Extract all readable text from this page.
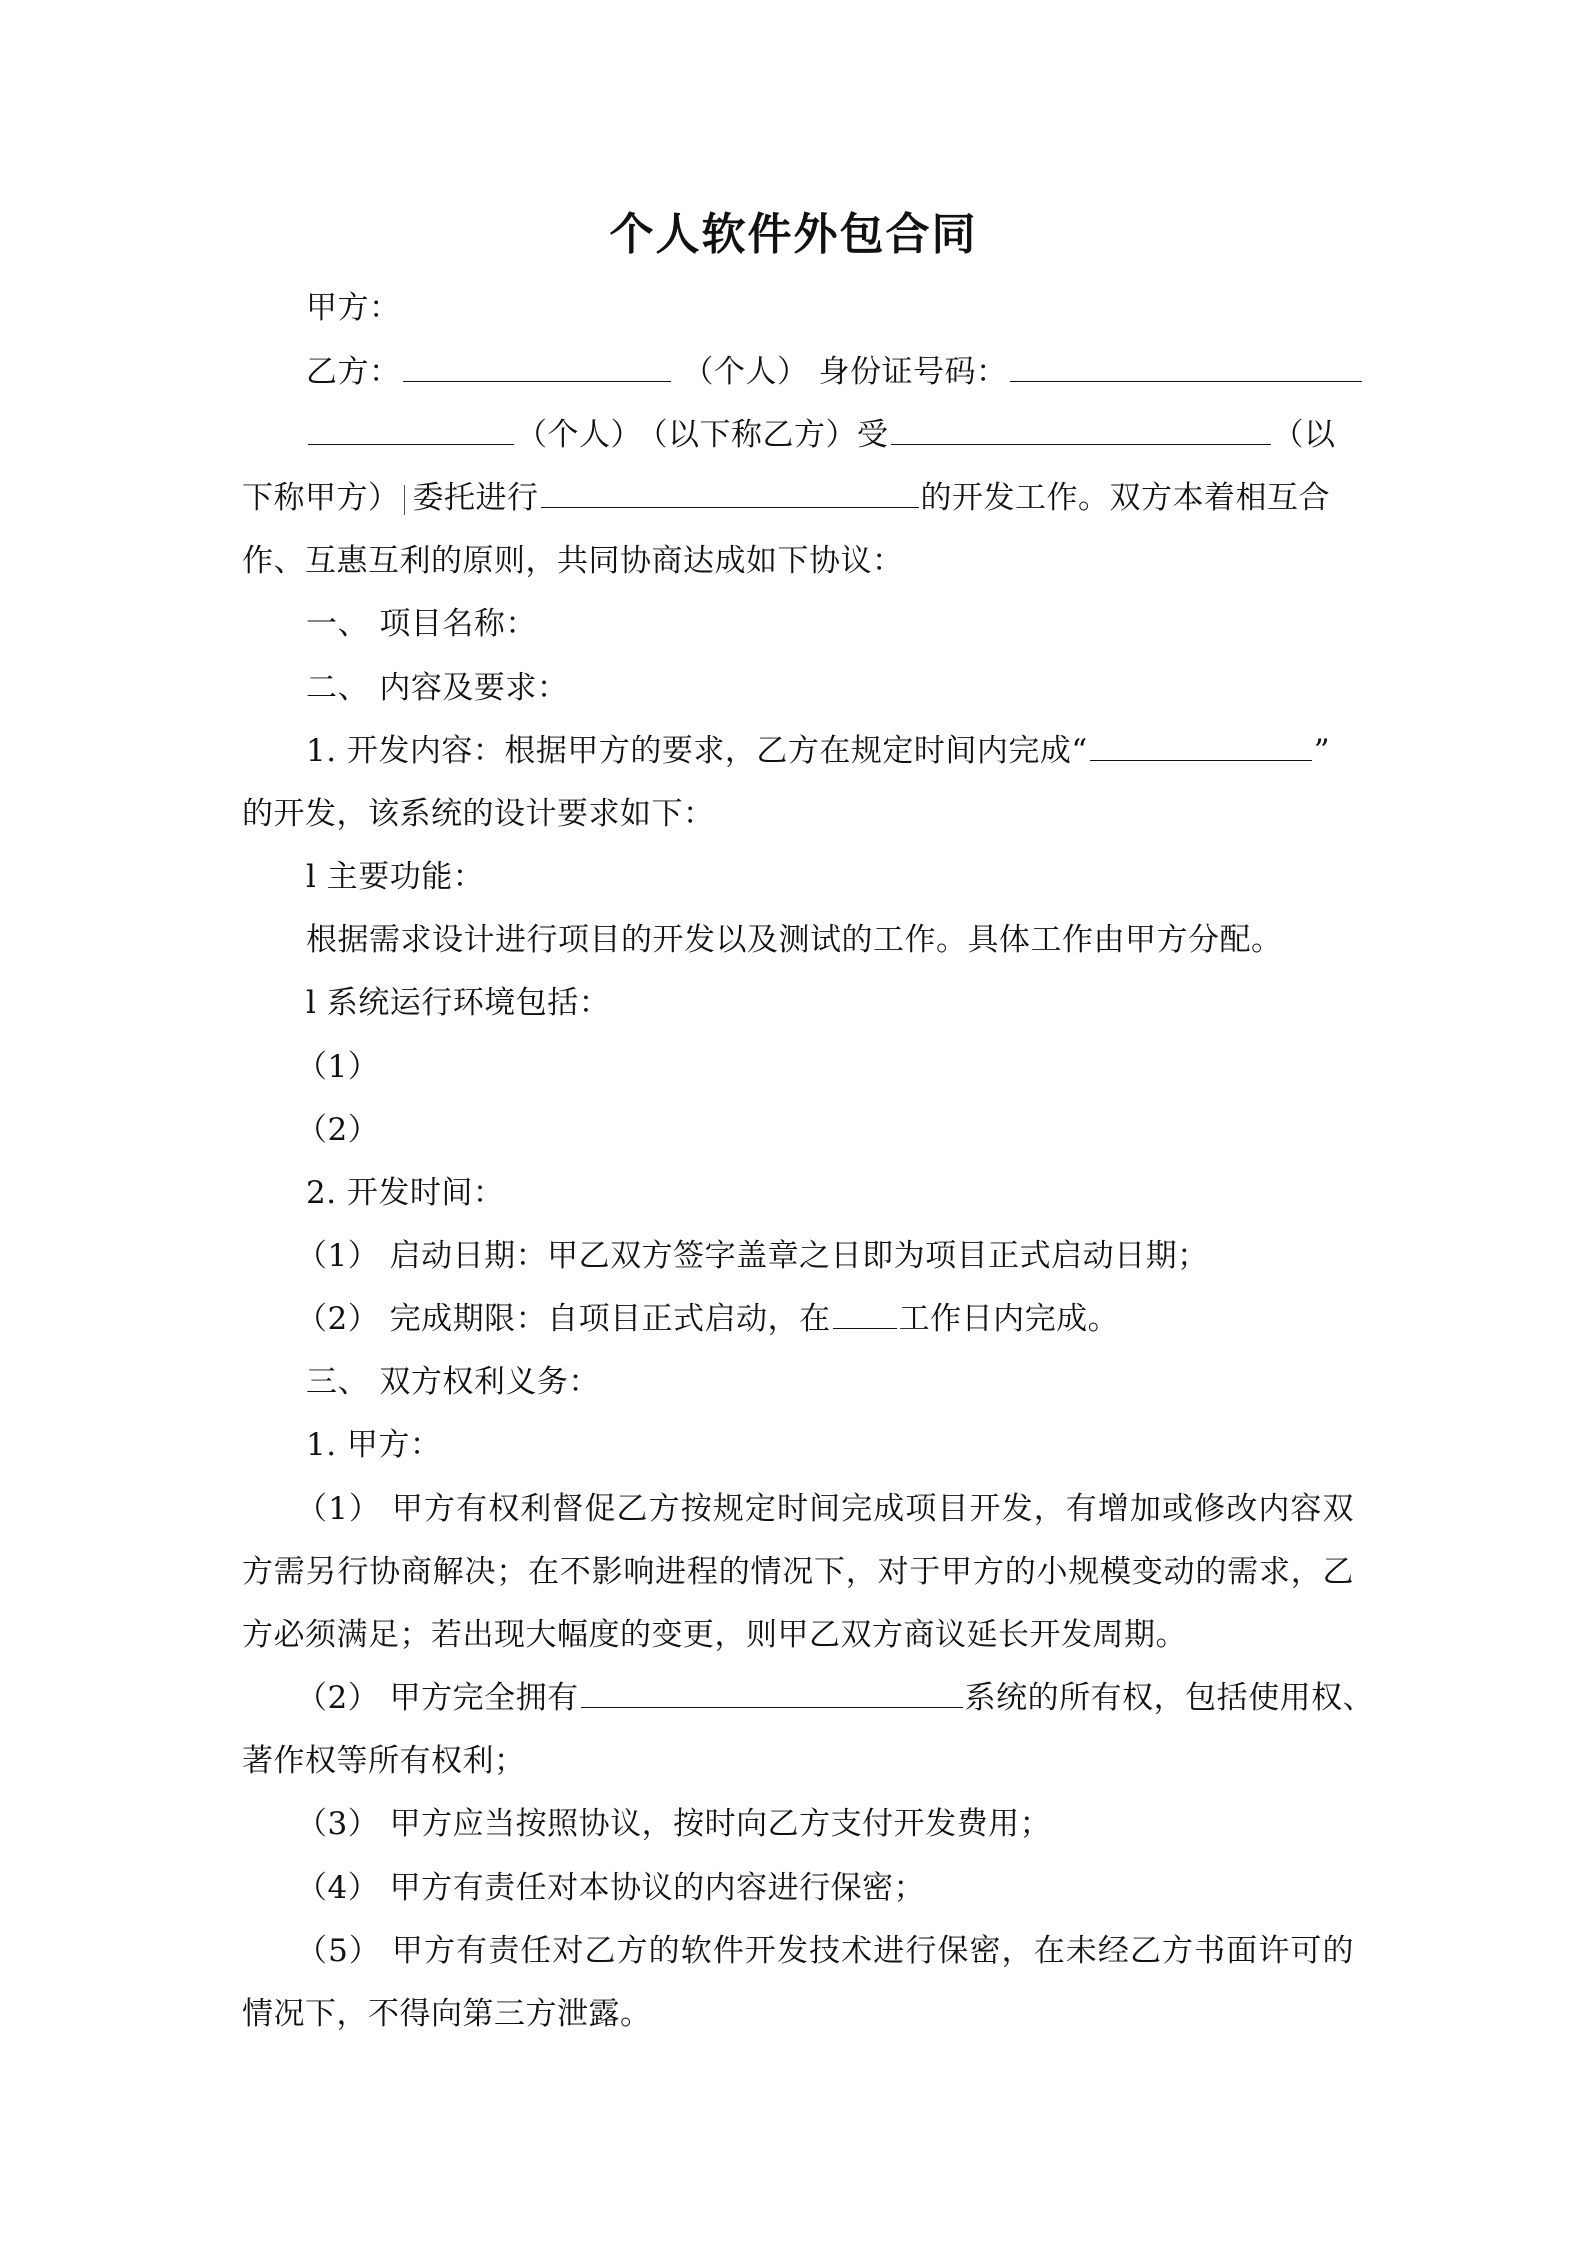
个人软件外包合同
甲方：
乙方：	（个人） 身份证号码：
（个人） （以下称乙方）受	（以
下称甲方） 委托进行	的开发工作。双方本着相互合
作、互惠互利的原则，共同协商达成如下协议：
一、 项目名称：
二、 内容及要求：
1. 开发内容：根据甲方的要求，乙方在规定时间内完成“	”
的开发，该系统的设计要求如下：
l 主要功能：
根据需求设计进行项目的开发以及测试的工作。具体工作由甲方分配。
l 系统运行环境包括：
（1）
（2）
2. 开发时间：
（1） 启动日期：甲乙双方签字盖章之日即为项目正式启动日期；
（2） 完成期限：自项目正式启动，在 工作日内完成。
三、 双方权利义务：
1. 甲方：
（1） 甲方有权利督促乙方按规定时间完成项目开发，有增加或修改内容双
方需另行协商解决；在不影响进程的情况下，对于甲方的小规模变动的需求，乙
方必须满足；若出现大幅度的变更，则甲乙双方商议延长开发周期。
（2） 甲方完全拥有	系统的所有权，包括使用权、
著作权等所有权利；
（3） 甲方应当按照协议，按时向乙方支付开发费用；
（4） 甲方有责任对本协议的内容进行保密；
（5） 甲方有责任对乙方的软件开发技术进行保密，在未经乙方书面许可的
情况下，不得向第三方泄露。
